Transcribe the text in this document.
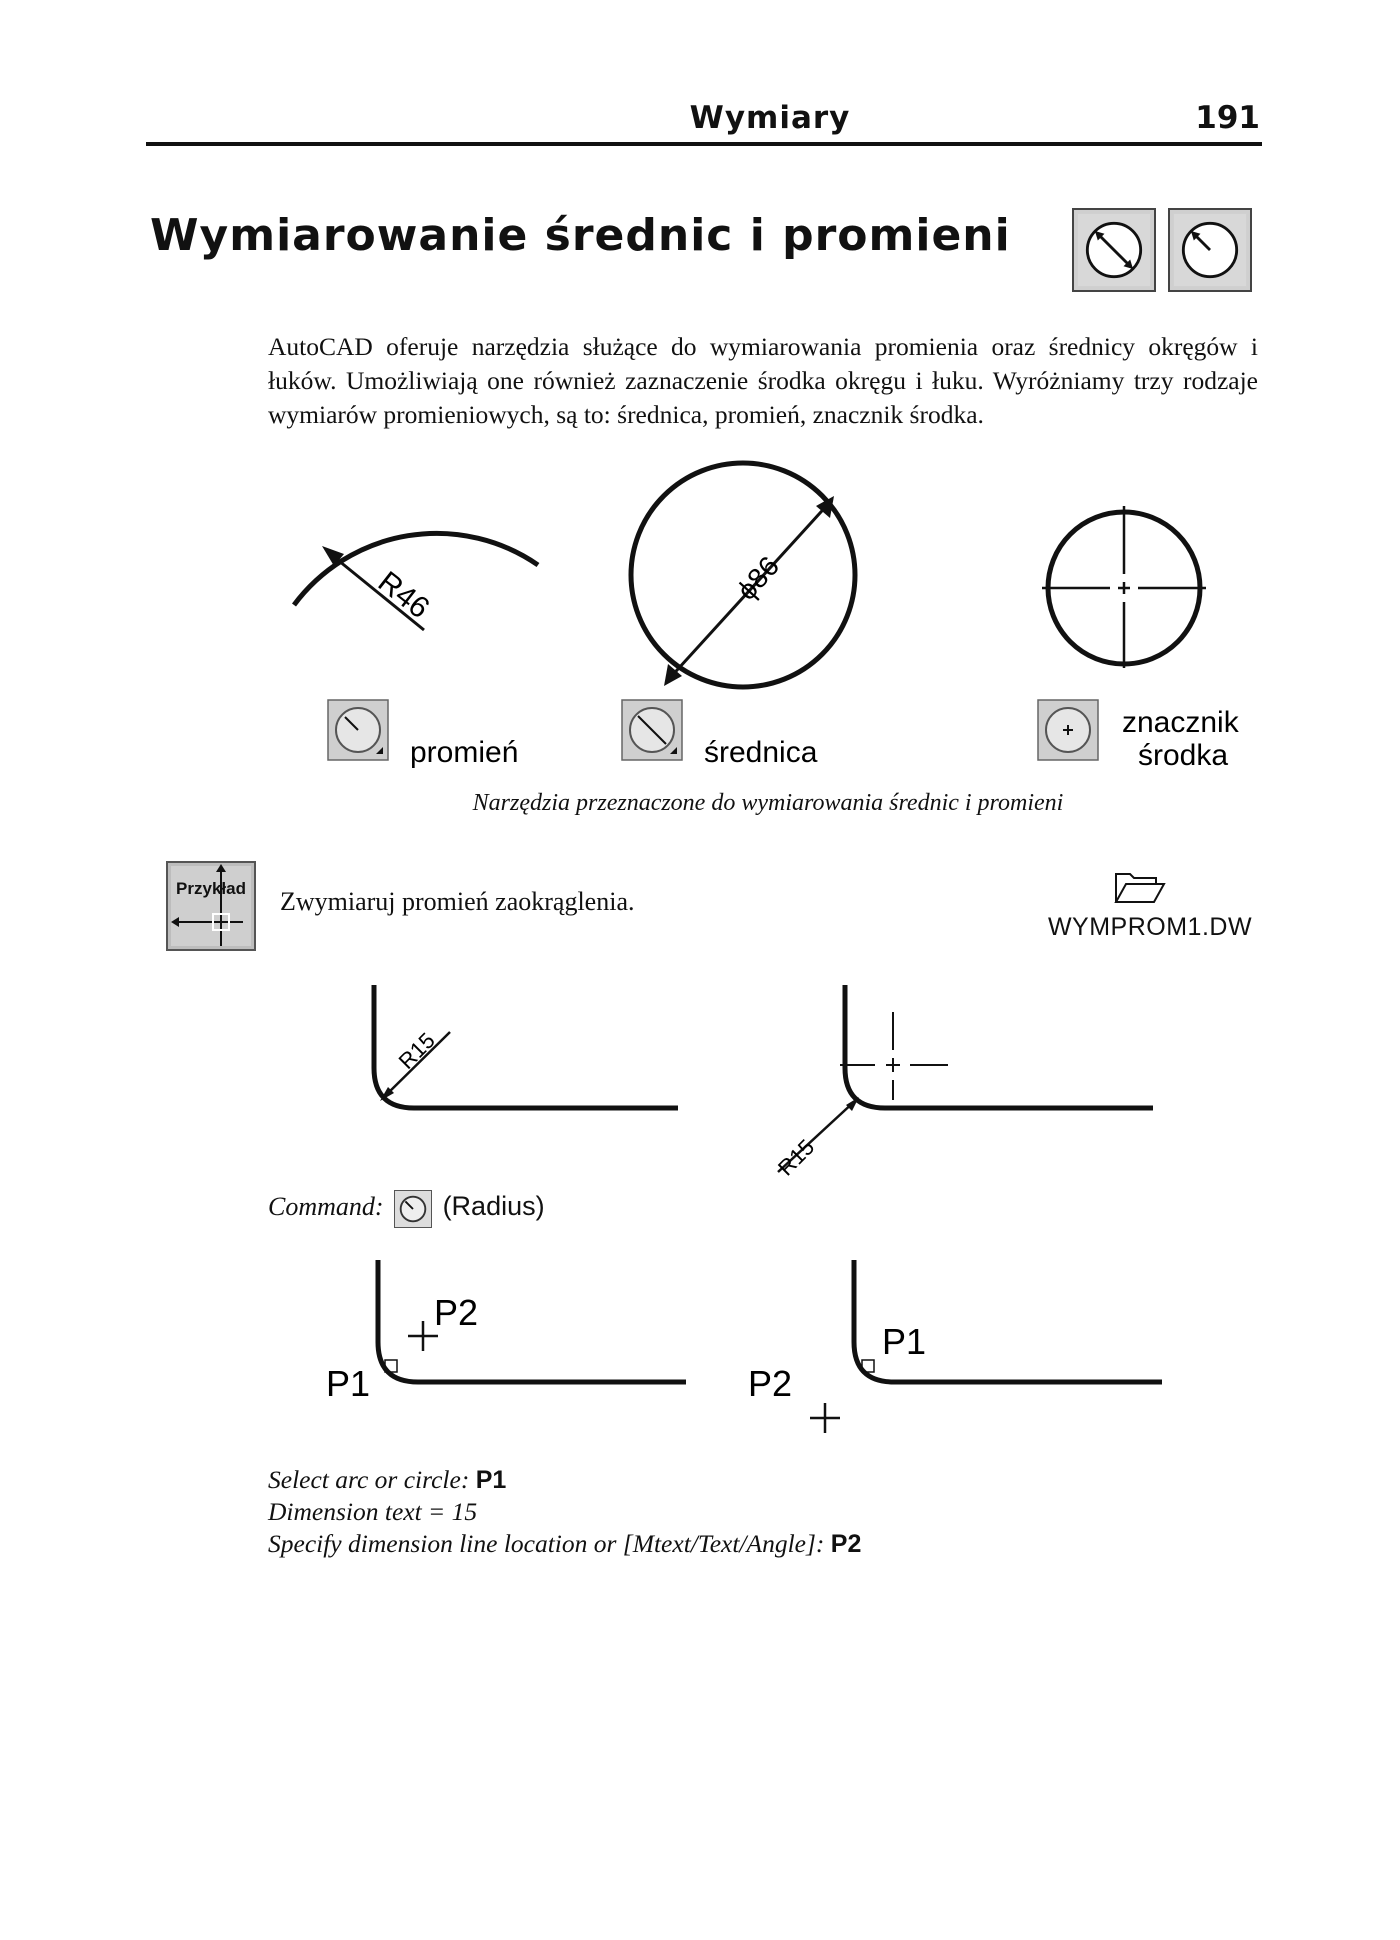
Wymiary	191
Wymiarowanie średnic i promieni
AutoCAD oferuje narzędzia służące do wymiarowania promienia oraz średnicy okręgów i łuków. Umożliwiają one również zaznaczenie środka okręgu i łuku. Wyróżniamy trzy rodzaje wymiarów promieniowych, są to: średnica, promień, znacznik środka.
R46	ϕ86
promień	średnica
znacznik
środka
Narzędzia przeznaczone do wymiarowania średnic i promieni
Przykład Zwymiaruj promień zaokrąglenia.
WYMPROM1.DW
R15
R15
Command: (Radius)
P2
P1
P1
P2
Select arc or circle: P1
Dimension text = 15
Specify dimension line location or [Mtext/Text/Angle]: P2
